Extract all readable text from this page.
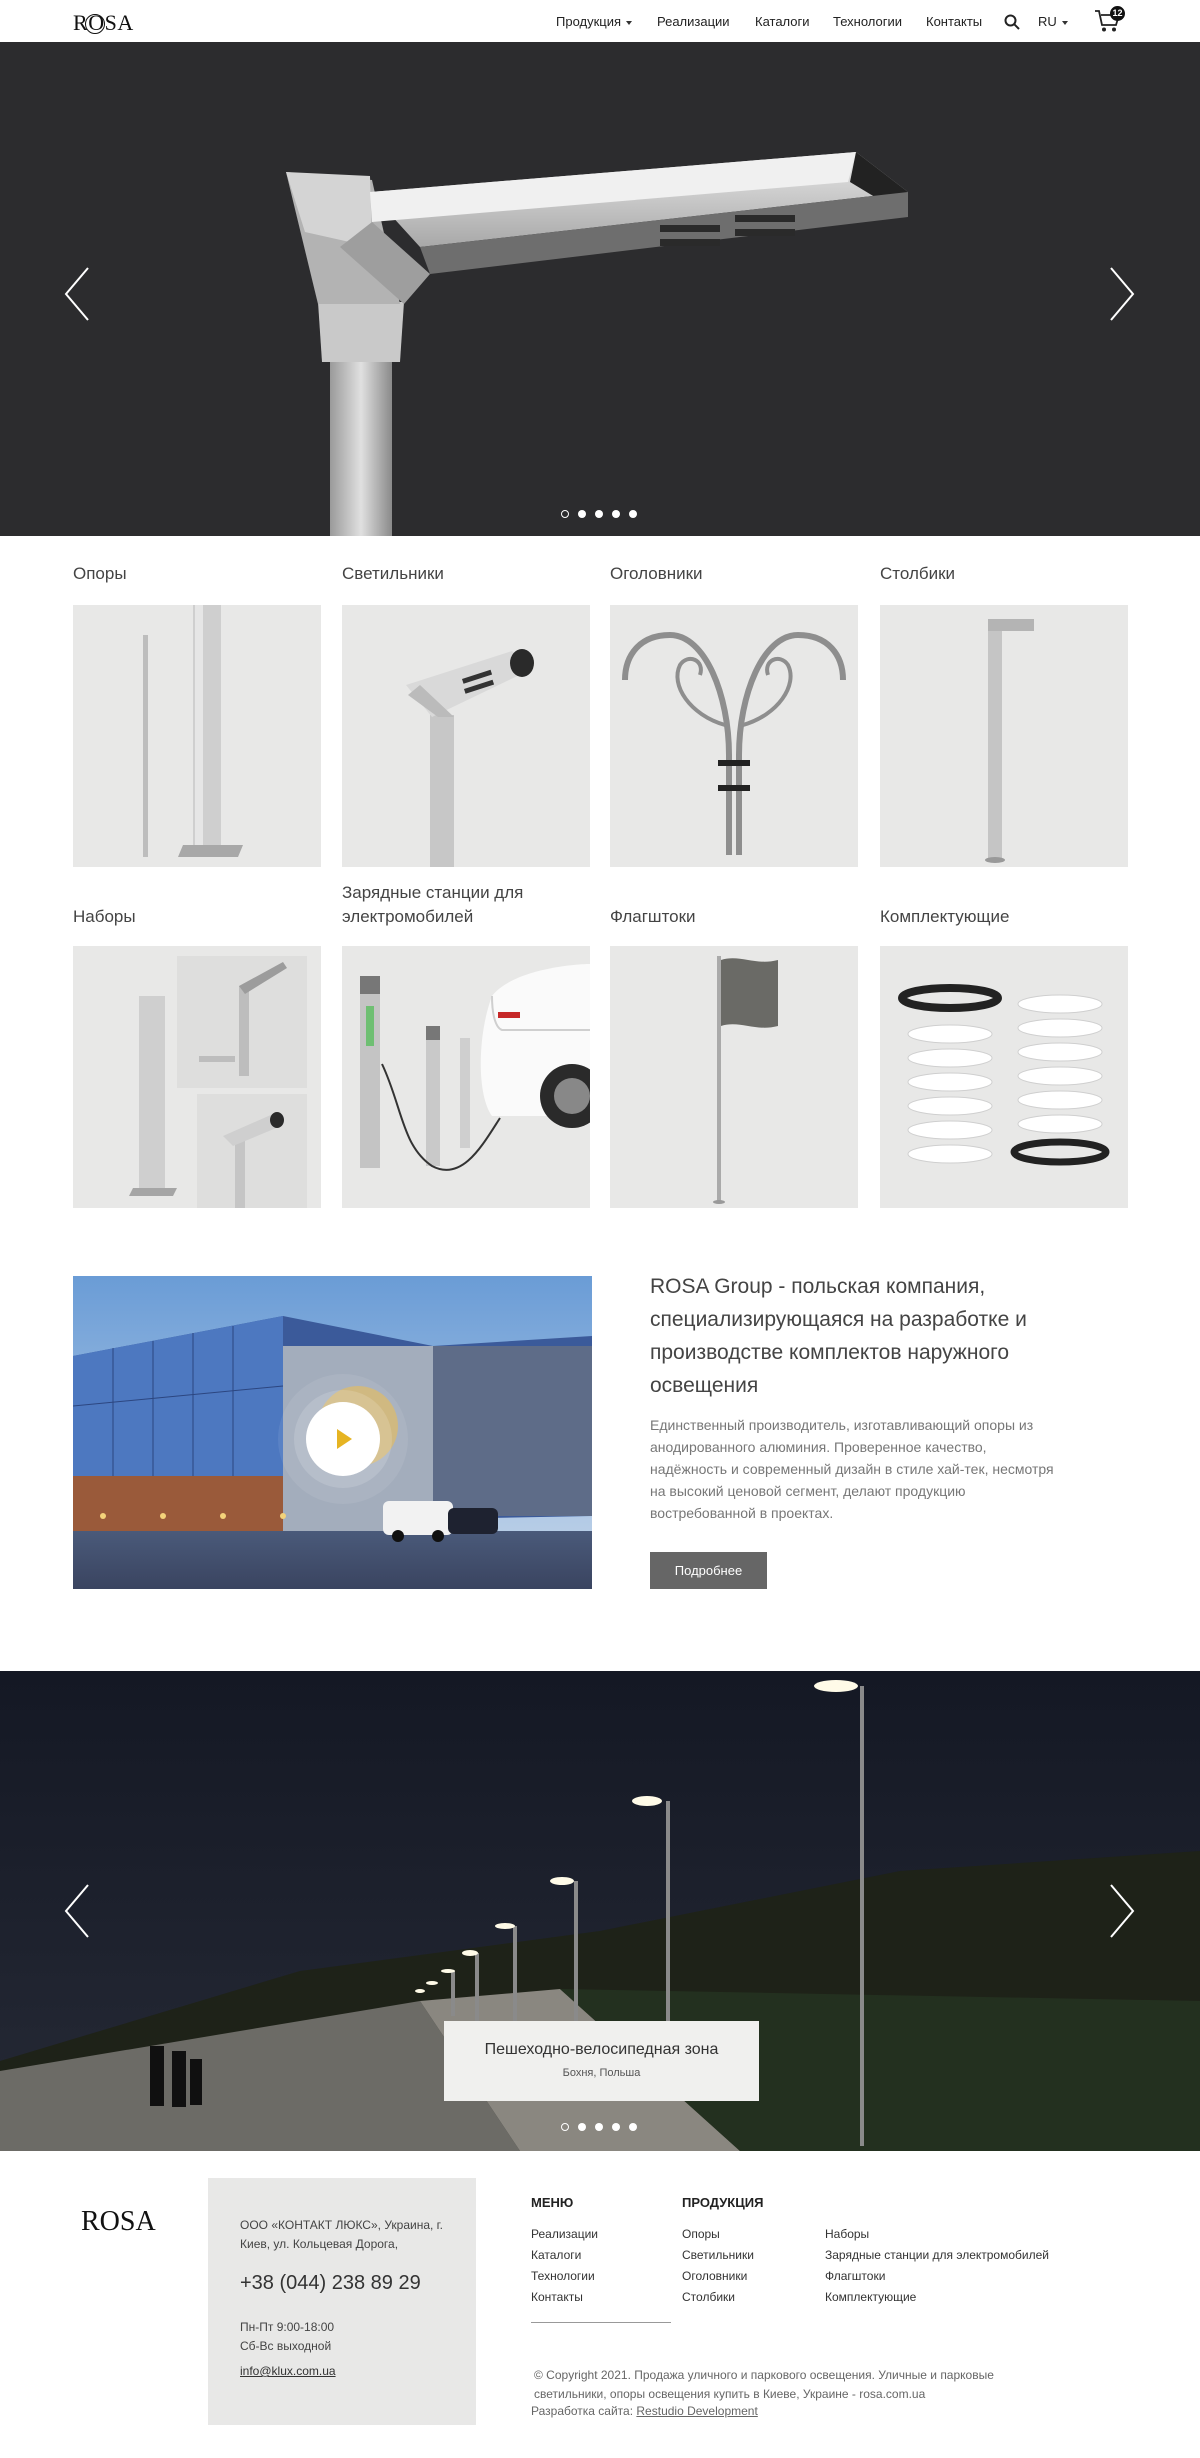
ROSA	Продукция	Реализации Каталоги Технологии Контакты	RU
12
Опоры	Светильники	Оголовники	Столбики
Наборы
Зарядные станции для электромобилей	Флагштоки	Комплектующие
ROSA Group - польская компания, специализирующаяся на разработке и производстве комплектов наружного освещения

Единственный производитель, изготавливающий опоры из анодированного алюминия. Проверенное качество, надёжность и современный дизайн в стиле хай-тек, несмотря на высокий ценовой сегмент, делают продукцию востребованной в проектах.

Подробнее
Пешеходно-велосипедная зона
Бохня, Польша
ROSA	ООО «КОНТАКТ ЛЮКС», Украина, г. Киев, ул. Кольцевая Дорога,

+38 (044) 238 89 29
Пн-Пт 9:00-18:00
Сб-Вс выходной
info@klux.com.ua
МЕНЮ
Реализации
Каталоги
Технологии
Контакты
ПРОДУКЦИЯ
Опоры
Светильники
Оголовники
Столбики
Наборы
Зарядные станции для электромобилей
Флагштоки
Комплектующие

© Copyright 2021. Продажа уличного и паркового освещения. Уличные и парковые светильники, опоры освещения купить в Киеве, Украине - rosa.com.ua

Разработка сайта: Restudio Development
